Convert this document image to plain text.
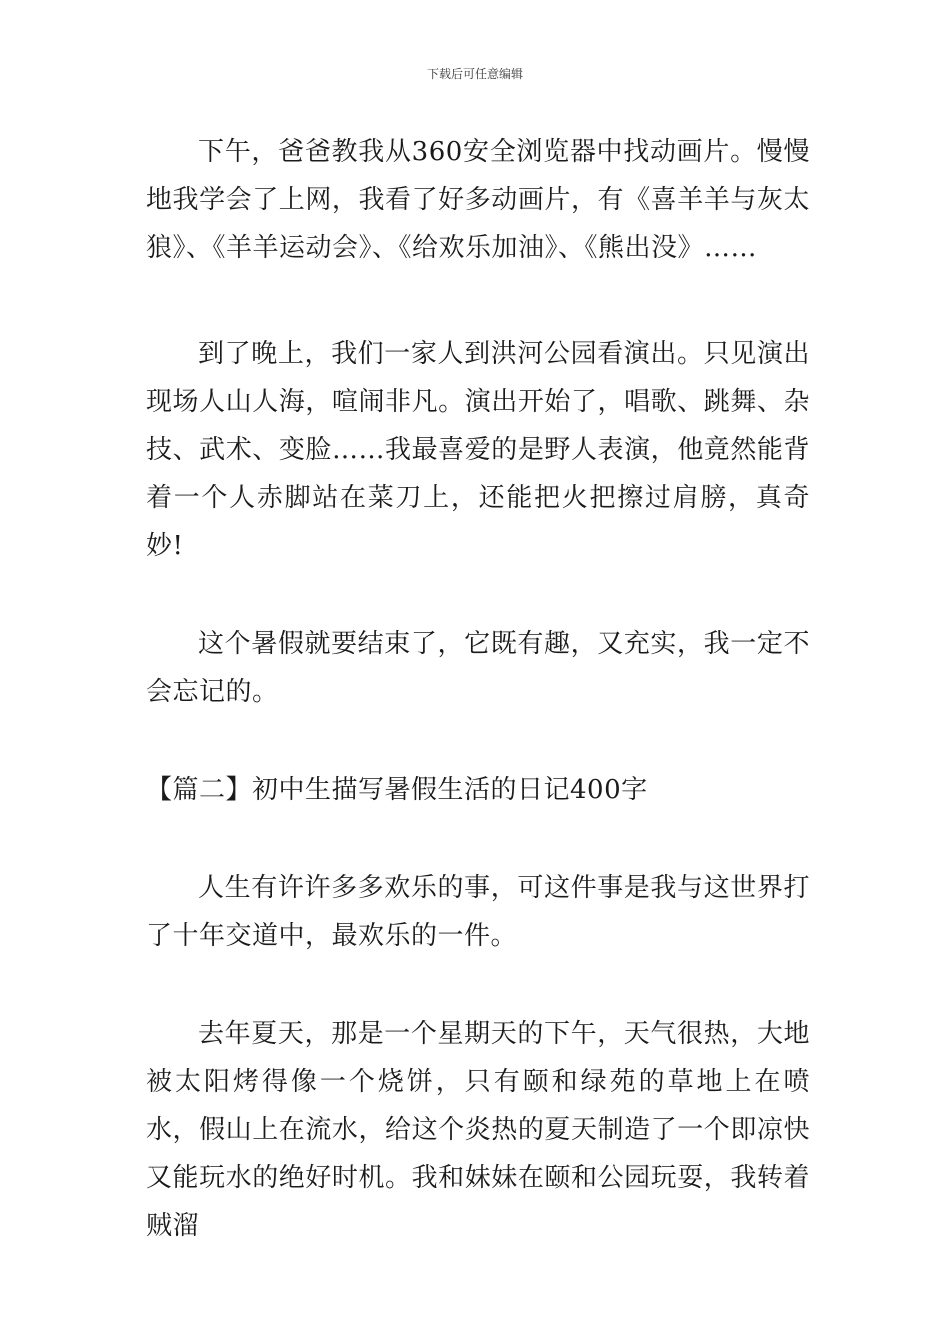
下载后可任意编辑

下午，爸爸教我从360安全浏览器中找动画片。慢慢地我学会了上网，我看了好多动画片，有《喜羊羊与灰太狼》、《羊羊运动会》、《给欢乐加油》、《熊出没》……

到了晚上，我们一家人到洪河公园看演出。只见演出现场人山人海，喧闹非凡。演出开始了，唱歌、跳舞、杂技、武术、变脸……我最喜爱的是野人表演，他竟然能背着一个人赤脚站在菜刀上，还能把火把擦过肩膀，真奇妙!

这个暑假就要结束了，它既有趣，又充实，我一定不会忘记的。

【篇二】初中生描写暑假生活的日记400字

人生有许许多多欢乐的事，可这件事是我与这世界打了十年交道中，最欢乐的一件。

去年夏天，那是一个星期天的下午，天气很热，大地被太阳烤得像一个烧饼，只有颐和绿苑的草地上在喷 水，假山上在流水，给这个炎热的夏天制造了一个即凉快又能玩水的绝好时机。我和妹妹在颐和公园玩耍，我转着贼溜
